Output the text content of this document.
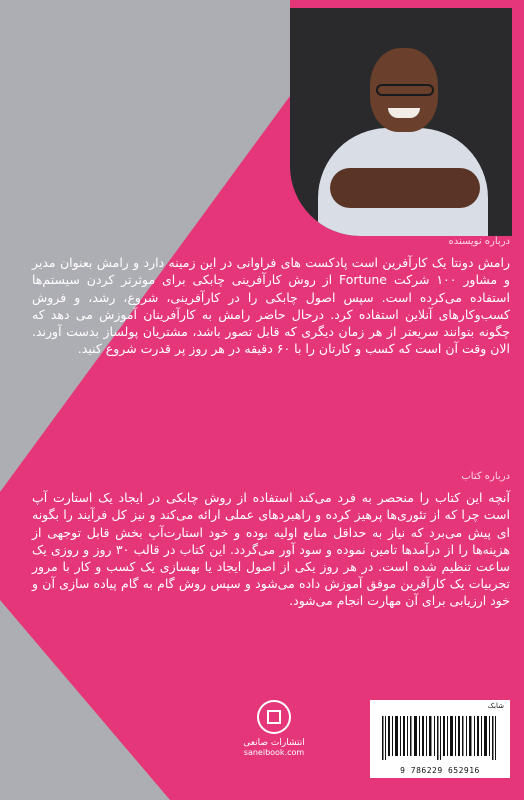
درباره نویسنده

رامش دونتا یک کارآفرین است پادکست های فراوانی در این زمینه دارد و رامش بعنوان مدیر و مشاور ۱۰۰ شرکت Fortune از روش کارآفرینی چابکی برای موثرتر کردن سیستم‌ها استفاده می‌کرده است. سپس اصول چابکی را در کارآفرینی، شروع، رشد، و فروش کسب‌وکارهای آنلاین استفاده کرد. درحال حاضر رامش به کارآفرینان آموزش می دهد که چگونه بتوانند سریعتر از هر زمان دیگری که قابل تصور باشد، مشتریان پولساز بدست آورند. الان وقت آن است که کسب و کارتان را با ۶۰ دقیقه در هر روز پر قدرت شروع کنید.

درباره کتاب

آنچه این کتاب را منحصر به فرد می‌کند استفاده از روش چابکی در ایجاد یک استارت آپ است چرا که از تئوری‌ها پرهیز کرده و راهبردهای عملی ارائه می‌کند و نیز کل فرآیند را بگونه ای پیش می‌برد که نیاز به حداقل منابع اولیه بوده و خود استارت‌آپ بخش قابل توجهی از هزینه‌ها را از درآمدها تامین نموده و سود آور می‌گردد. این کتاب در قالب ۳۰ روز و روزی یک ساعت تنظیم شده است. در هر روز یکی از اصول ایجاد یا بهسازی یک کسب و کار با مرور تجربیات یک کارآفرین موفق آموزش داده می‌شود و سپس روش گام به گام پیاده سازی آن و خود ارزیابی برای آن مهارت انجام می‌شود.

انتشارات صانعی
saneibook.com
شابک
9 786229 652916
